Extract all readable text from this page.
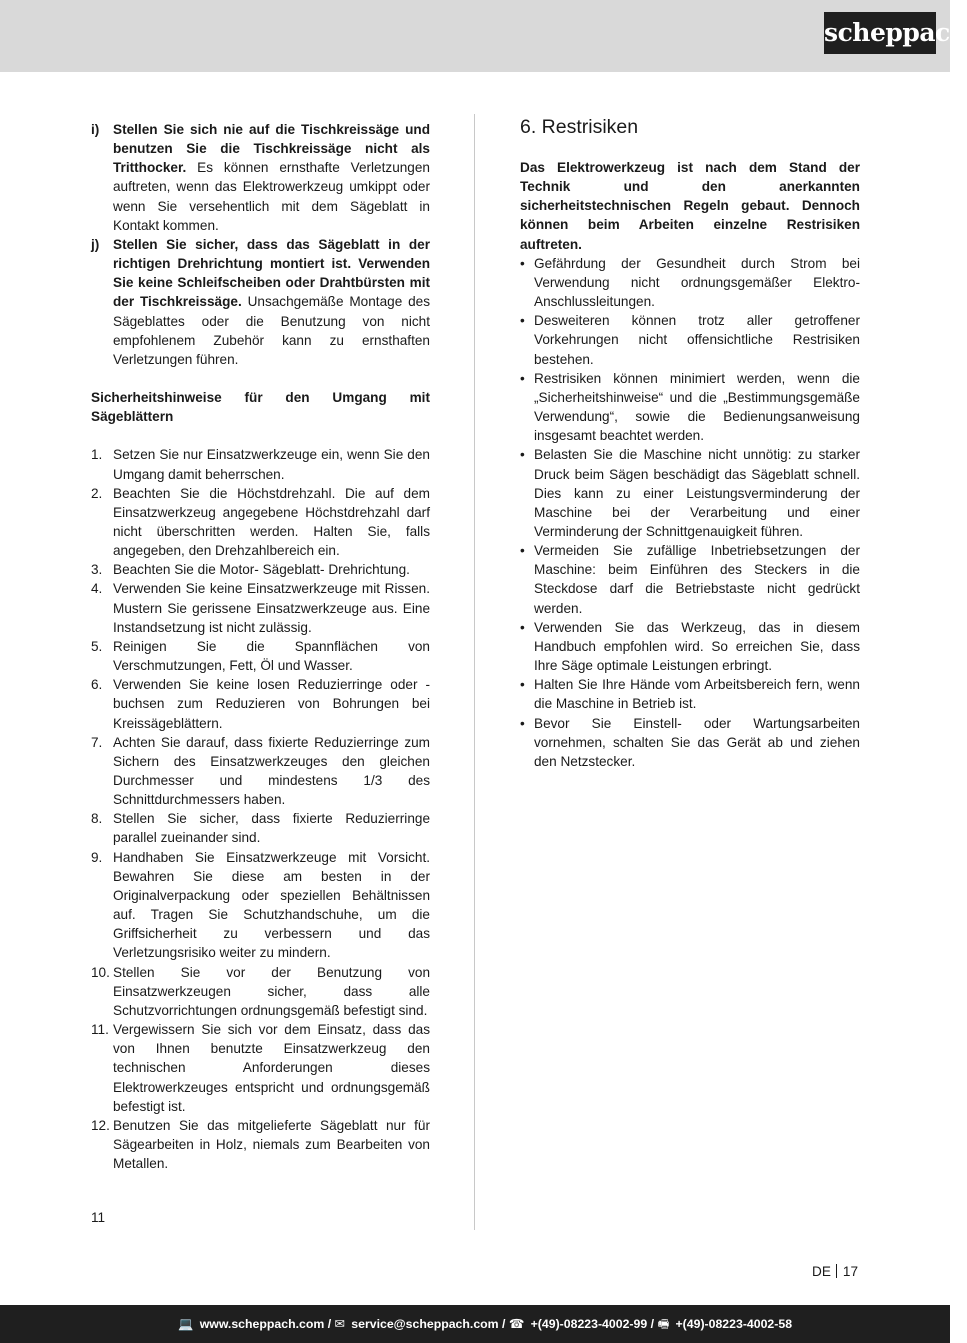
scheppach
i) Stellen Sie sich nie auf die Tischkreissäge und benutzen Sie die Tischkreissäge nicht als Tritthocker. Es können ernsthafte Verletzungen auftreten, wenn das Elektrowerkzeug umkippt oder wenn Sie versehentlich mit dem Sägeblatt in Kontakt kommen.
j) Stellen Sie sicher, dass das Sägeblatt in der richtigen Drehrichtung montiert ist. Verwenden Sie keine Schleifscheiben oder Drahtbürsten mit der Tischkreissäge. Unsachgemäße Montage des Sägeblattes oder die Benutzung von nicht empfohlenem Zubehör kann zu ernsthaften Verletzungen führen.
Sicherheitshinweise für den Umgang mit Sägeblättern
1. Setzen Sie nur Einsatzwerkzeuge ein, wenn Sie den Umgang damit beherrschen.
2. Beachten Sie die Höchstdrehzahl. Die auf dem Einsatzwerkzeug angegebene Höchstdrehzahl darf nicht überschritten werden. Halten Sie, falls angegeben, den Drehzahlbereich ein.
3. Beachten Sie die Motor- Sägeblatt- Drehrichtung.
4. Verwenden Sie keine Einsatzwerkzeuge mit Rissen. Mustern Sie gerissene Einsatzwerkzeuge aus. Eine Instandsetzung ist nicht zulässig.
5. Reinigen Sie die Spannflächen von Verschmutzungen, Fett, Öl und Wasser.
6. Verwenden Sie keine losen Reduzierringe oder -buchsen zum Reduzieren von Bohrungen bei Kreissägeblättern.
7. Achten Sie darauf, dass fixierte Reduzierringe zum Sichern des Einsatzwerkzeuges den gleichen Durchmesser und mindestens 1/3 des Schnittdurchmessers haben.
8. Stellen Sie sicher, dass fixierte Reduzierringe parallel zueinander sind.
9. Handhaben Sie Einsatzwerkzeuge mit Vorsicht. Bewahren Sie diese am besten in der Originalverpackung oder speziellen Behältnissen auf. Tragen Sie Schutzhandschuhe, um die Griffsicherheit zu verbessern und das Verletzungsrisiko weiter zu mindern.
10. Stellen Sie vor der Benutzung von Einsatzwerkzeugen sicher, dass alle Schutzvorrichtungen ordnungsgemäß befestigt sind.
11. Vergewissern Sie sich vor dem Einsatz, dass das von Ihnen benutzte Einsatzwerkzeug den technischen Anforderungen dieses Elektrowerkzeuges entspricht und ordnungsgemäß befestigt ist.
12. Benutzen Sie das mitgelieferte Sägeblatt nur für Sägearbeiten in Holz, niemals zum Bearbeiten von Metallen.
11
6. Restrisiken
Das Elektrowerkzeug ist nach dem Stand der Technik und den anerkannten sicherheitstechnischen Regeln gebaut. Dennoch können beim Arbeiten einzelne Restrisiken auftreten.
• Gefährdung der Gesundheit durch Strom bei Verwendung nicht ordnungsgemäßer Elektro-Anschlussleitungen.
• Desweiteren können trotz aller getroffener Vorkehrungen nicht offensichtliche Restrisiken bestehen.
• Restrisiken können minimiert werden, wenn die „Sicherheitshinweise“ und die „Bestimmungsgemäße Verwendung“, sowie die Bedienungsanweisung insgesamt beachtet werden.
• Belasten Sie die Maschine nicht unnötig: zu starker Druck beim Sägen beschädigt das Sägeblatt schnell. Dies kann zu einer Leistungsverminderung der Maschine bei der Verarbeitung und einer Verminderung der Schnittgenauigkeit führen.
• Vermeiden Sie zufällige Inbetriebsetzungen der Maschine: beim Einführen des Steckers in die Steckdose darf die Betriebstaste nicht gedrückt werden.
• Verwenden Sie das Werkzeug, das in diesem Handbuch empfohlen wird. So erreichen Sie, dass Ihre Säge optimale Leistungen erbringt.
• Halten Sie Ihre Hände vom Arbeitsbereich fern, wenn die Maschine in Betrieb ist.
• Bevor Sie Einstell- oder Wartungsarbeiten vornehmen, schalten Sie das Gerät ab und ziehen den Netzstecker.
DE 17
💻 www.scheppach.com / ✉ service@scheppach.com / ☎ +(49)-08223-4002-99 / 🖷 +(49)-08223-4002-58
